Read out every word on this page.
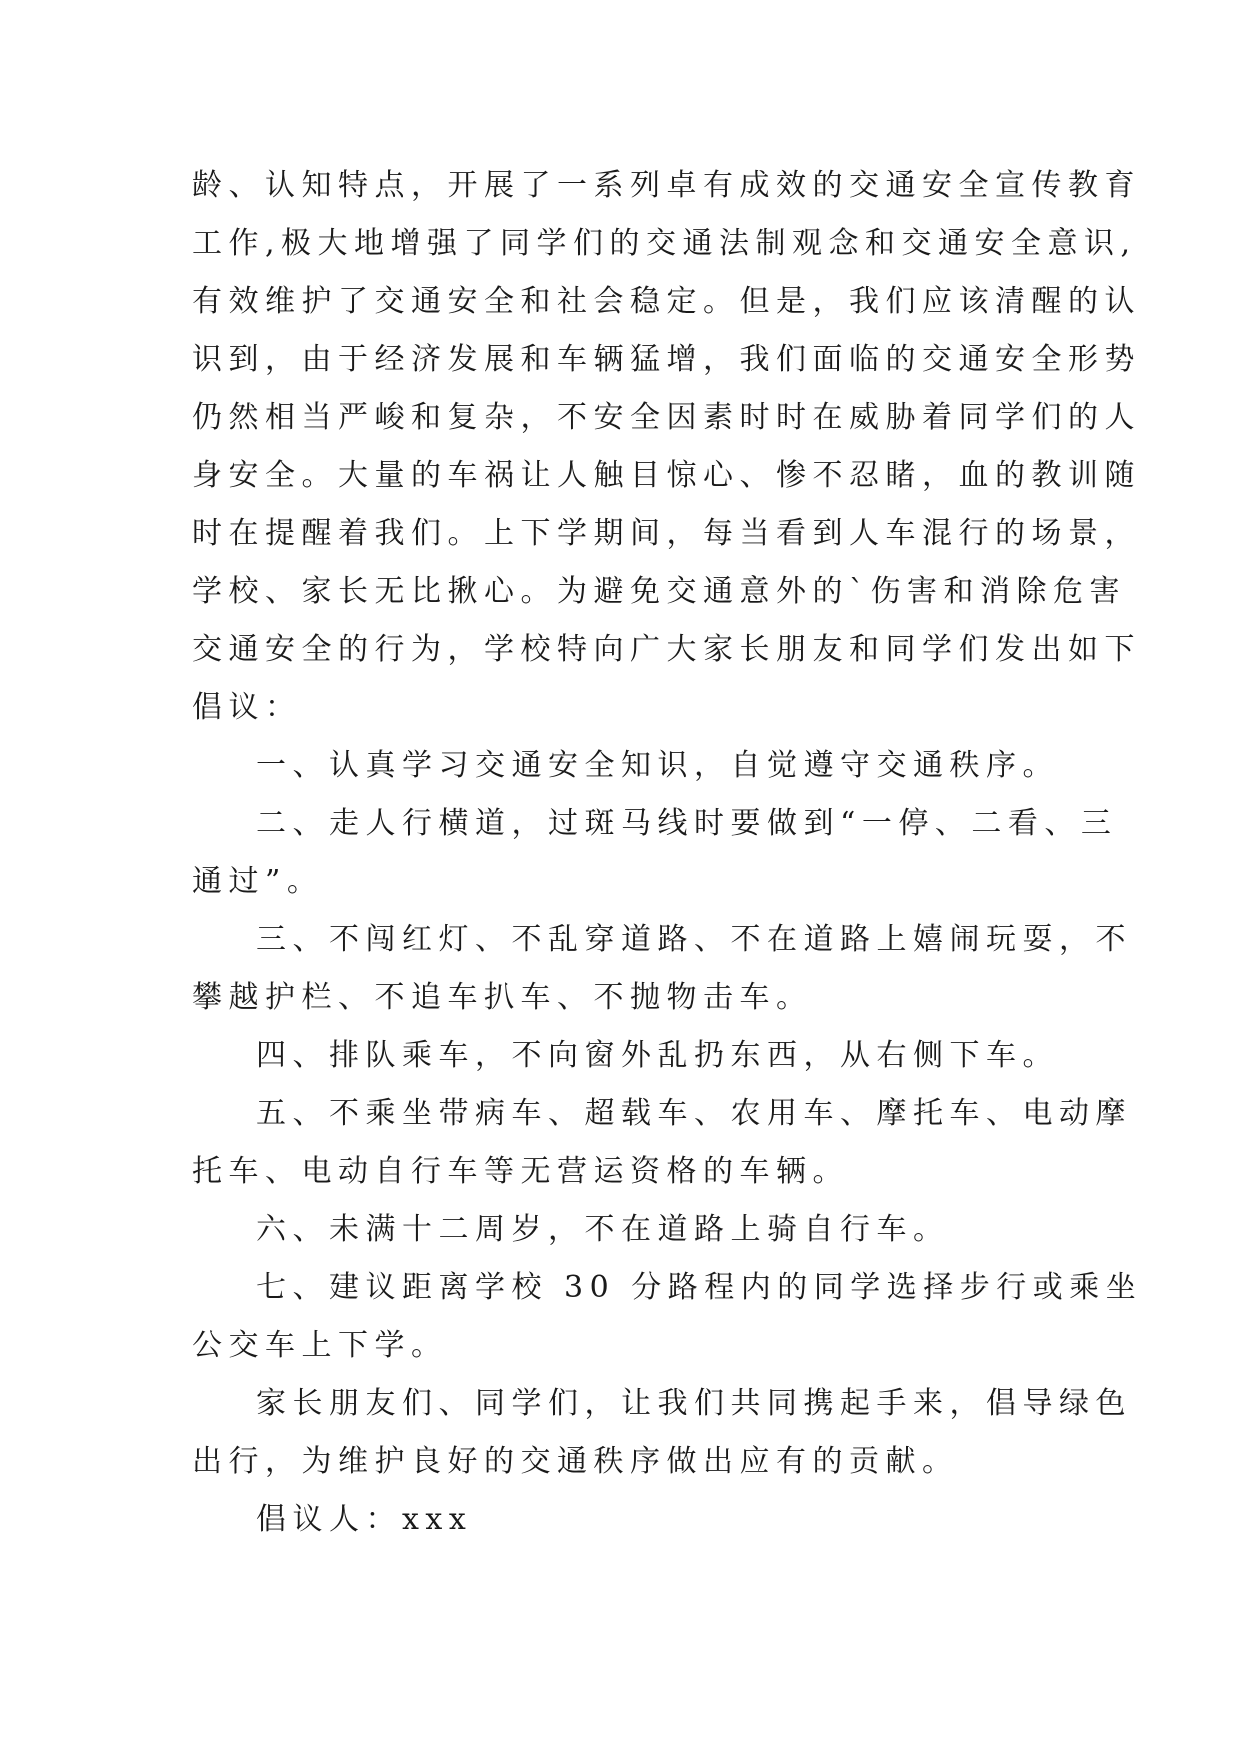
龄、认知特点，开展了一系列卓有成效的交通安全宣传教育
工作,极大地增强了同学们的交通法制观念和交通安全意识,
有效维护了交通安全和社会稳定。但是，我们应该清醒的认
识到，由于经济发展和车辆猛增，我们面临的交通安全形势
仍然相当严峻和复杂，不安全因素时时在威胁着同学们的人
身安全。大量的车祸让人触目惊心、惨不忍睹，血的教训随
时在提醒着我们。上下学期间，每当看到人车混行的场景，
学校、家长无比揪心。为避免交通意外的`伤害和消除危害
交通安全的行为，学校特向广大家长朋友和同学们发出如下
倡议：
一、认真学习交通安全知识，自觉遵守交通秩序。
二、走人行横道，过斑马线时要做到“一停、二看、三
通过”。
三、不闯红灯、不乱穿道路、不在道路上嬉闹玩耍，不
攀越护栏、不追车扒车、不抛物击车。
四、排队乘车，不向窗外乱扔东西，从右侧下车。
五、不乘坐带病车、超载车、农用车、摩托车、电动摩
托车、电动自行车等无营运资格的车辆。
六、未满十二周岁，不在道路上骑自行车。
七、建议距离学校 30 分路程内的同学选择步行或乘坐
公交车上下学。
家长朋友们、同学们，让我们共同携起手来，倡导绿色
出行，为维护良好的交通秩序做出应有的贡献。
倡议人：xxx
